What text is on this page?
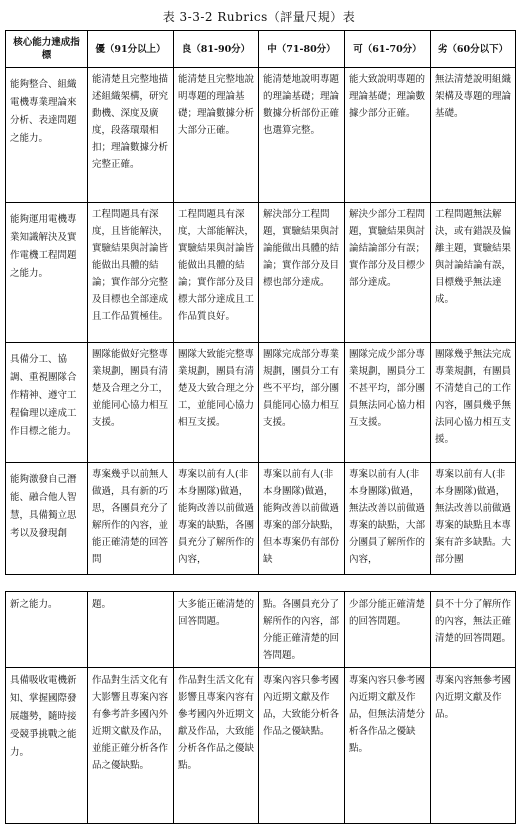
表 3-3-2 Rubrics（評量尺規）表
核心能力達成指標	優（91分以上）	良（81-90分）	中（71-80分）	可（61-70分）	劣（60分以下）
能夠整合、組織電機專業理論來分析、表達問題之能力。	能清楚且完整地描述組織架構，研究動機、深度及廣度，段落環環相扣；理論數據分析完整正確。	能清楚且完整地說明專題的理論基礎；理論數據分析大部分正確。	能清楚地說明專題的理論基礎；理論數據分析部份正確也選算完整。	能大致說明專題的理論基礎；理論數據少部分正確。	無法清楚說明組織架構及專題的理論基礎。
能夠運用電機專業知識解決及實作電機工程問題之能力。	工程問題具有深度，且皆能解決，實驗結果與討論皆能做出具體的結論；實作部分完整及目標也全部達成且工作品質極佳。	工程問題具有深度，大部能解決，實驗結果與討論皆能做出具體的結論；實作部分及目標大部分達成且工作品質良好。	解決部分工程問題，實驗結果與討論能做出具體的結論；實作部分及目標也部分達成。	解決少部分工程問題，實驗結果與討論結論部分有誤；實作部分及目標少部分達成。	工程問題無法解決，或有錯誤及偏離主題，實驗結果與討論結論有誤，目標幾乎無法達成。
具備分工、協調、重視團隊合作精神、遵守工程倫理以達成工作目標之能力。	團隊能做好完整專業規劃，團員有清楚及合理之分工，並能同心協力相互支援。	團隊大致能完整專業規劃，團員有清楚及大致合理之分工，並能同心協力相互支援。	團隊完成部分專業規劃，團員分工有些不平均，部分團員能同心協力相互支援。	團隊完成少部分專業規劃，團員分工不甚平均，部分團員無法同心協力相互支援。	團隊幾乎無法完成專業規劃，有團員不清楚自己的工作內容，團員幾乎無法同心協力相互支援。
能夠激發自己潛能、融合他人智慧，具備獨立思考以及發現創	專案幾乎以前無人做過，具有新的巧思，各團員充分了解所作的內容，並能正確清楚的回答問	專案以前有人(非本身團隊)做過，能夠改善以前做過專案的缺點，各團員充分了解所作的內容，	專案以前有人(非本身團隊)做過，能夠改善以前做過專案的部分缺點，但本專案仍有部份缺	專案以前有人(非本身團隊)做過，無法改善以前做過專案的缺點，大部分團員了解所作的內容，	專案以前有人(非本身團隊)做過，無法改善以前做過專案的缺點且本專案有許多缺點。大部分團
新之能力。	題。	大多能正確清楚的回答問題。	點。各團員充分了解所作的內容，部分能正確清楚的回答問題。	少部分能正確清楚的回答問題。	員不十分了解所作的內容，無法正確清楚的回答問題。
具備吸收電機新知、掌握國際發展趨勢，隨時接受競爭挑戰之能力。	作品對生活文化有大影響且專案內容有參考許多國內外近期文獻及作品，並能正確分析各作品之優缺點。	作品對生活文化有影響且專案內容有參考國內外近期文獻及作品，大致能分析各作品之優缺點。	專案內容只參考國內近期文獻及作品，大致能分析各作品之優缺點。	專案內容只參考國內近期文獻及作品，但無法清楚分析各作品之優缺點。	專案內容無參考國內近期文獻及作品。
